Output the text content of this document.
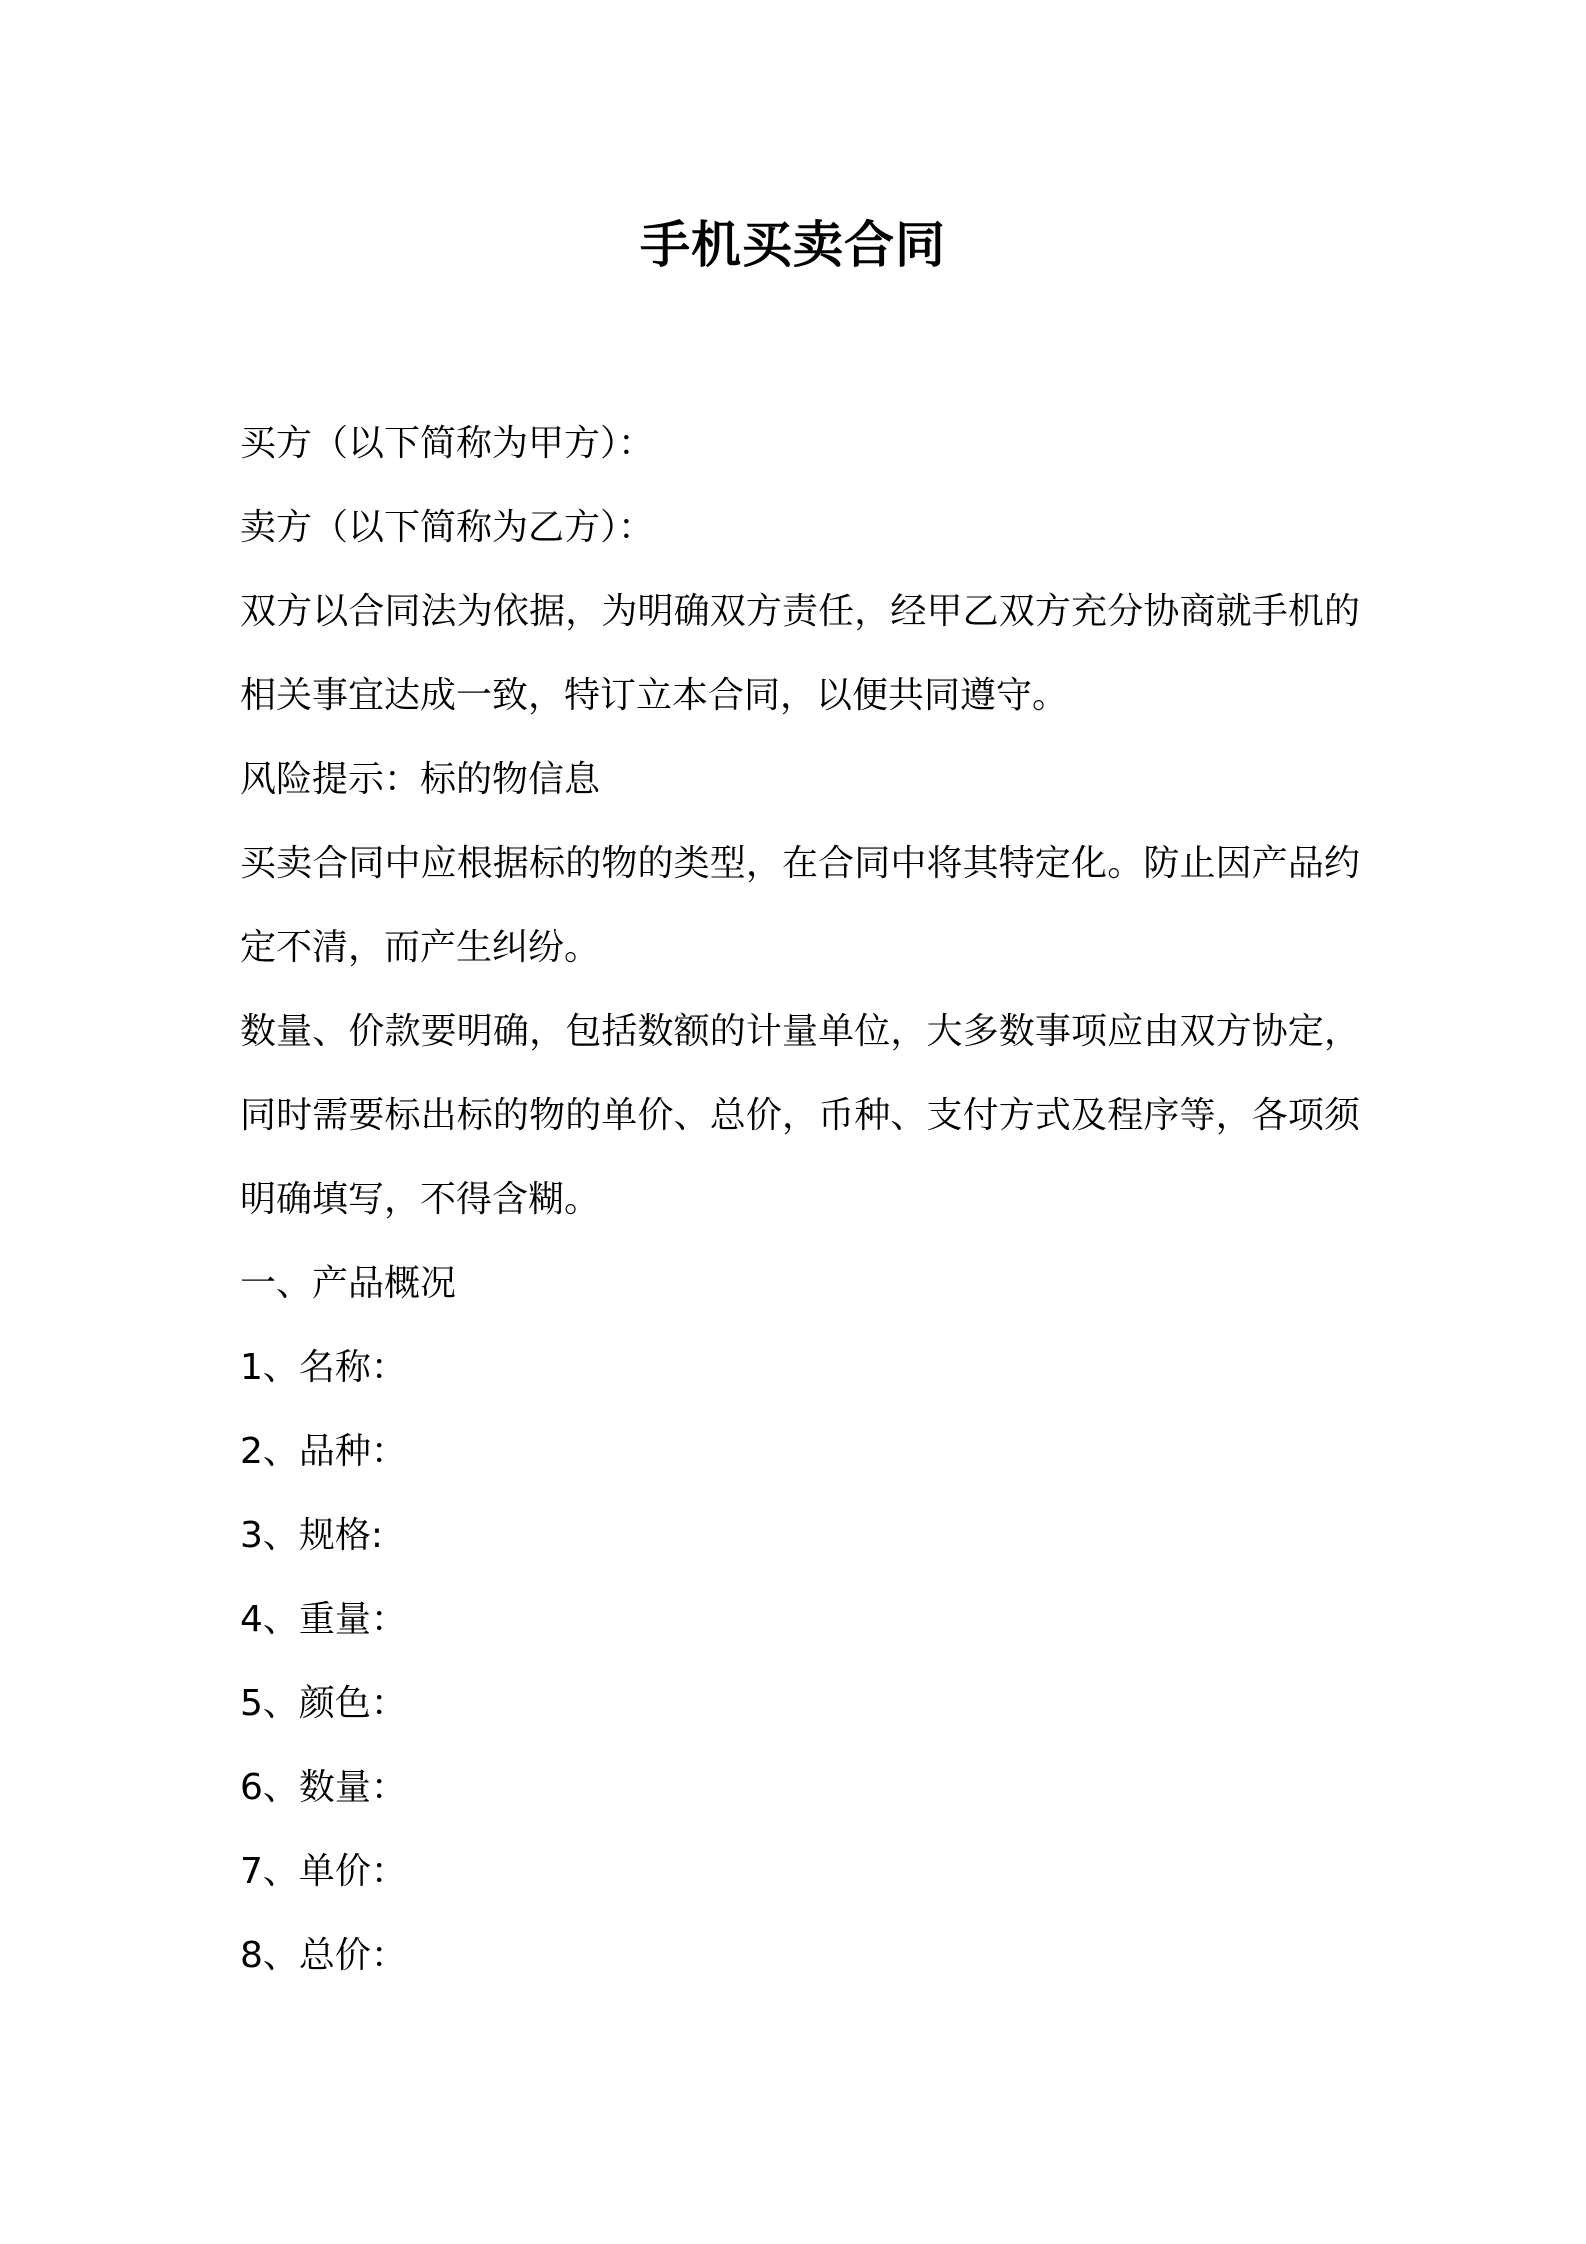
手机买卖合同
买方（以下简称为甲方）：
卖方（以下简称为乙方）：
双方以合同法为依据，为明确双方责任，经甲乙双方充分协商就手机的相关事宜达成一致，特订立本合同，以便共同遵守。
风险提示：标的物信息
买卖合同中应根据标的物的类型，在合同中将其特定化。防止因产品约定不清，而产生纠纷。
数量、价款要明确，包括数额的计量单位，大多数事项应由双方协定，同时需要标出标的物的单价、总价，币种、支付方式及程序等，各项须明确填写，不得含糊。
一、产品概况
1、名称：
2、品种：
3、规格:
4、重量：
5、颜色：
6、数量：
7、单价：
8、总价：
